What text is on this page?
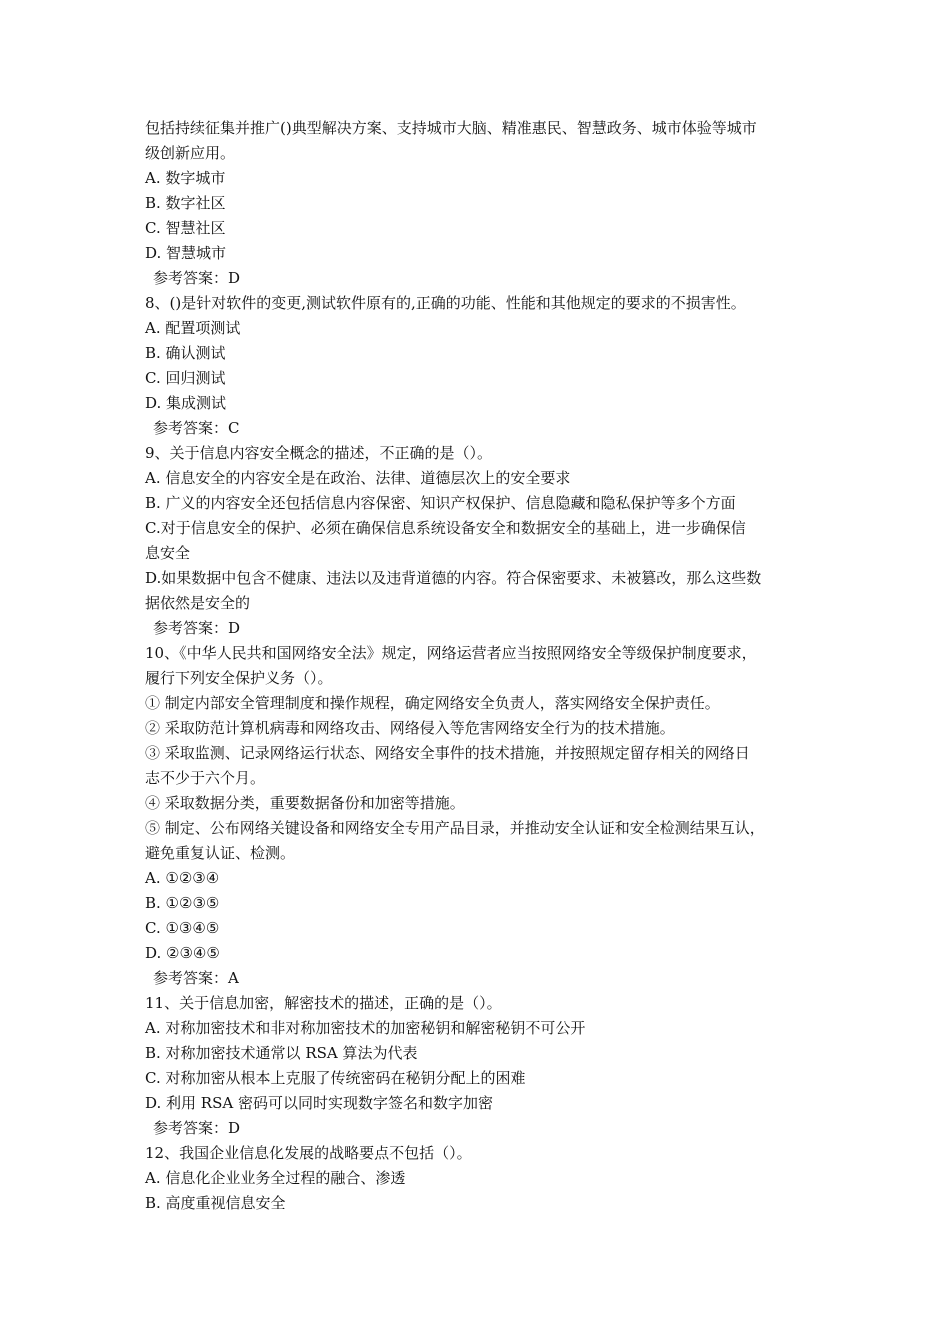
包括持续征集并推广()典型解决方案、支持城市大脑、精准惠民、智慧政务、城市体验等城市
级创新应用。
A. 数字城市
B. 数字社区
C. 智慧社区
D. 智慧城市
参考答案：D
8、()是针对软件的变更,测试软件原有的,正确的功能、性能和其他规定的要求的不损害性。
A. 配置项测试
B. 确认测试
C. 回归测试
D. 集成测试
参考答案：C
9、关于信息内容安全概念的描述，不正确的是（）。
A. 信息安全的内容安全是在政治、法律、道德层次上的安全要求
B. 广义的内容安全还包括信息内容保密、知识产权保护、信息隐藏和隐私保护等多个方面
C.对于信息安全的保护、必须在确保信息系统设备安全和数据安全的基础上，进一步确保信
息安全
D.如果数据中包含不健康、违法以及违背道德的内容。符合保密要求、未被篡改，那么这些数
据依然是安全的
参考答案：D
10、《中华人民共和国网络安全法》规定，网络运营者应当按照网络安全等级保护制度要求，
履行下列安全保护义务（）。
① 制定内部安全管理制度和操作规程，确定网络安全负责人，落实网络安全保护责任。
② 采取防范计算机病毒和网络攻击、网络侵入等危害网络安全行为的技术措施。
③ 采取监测、记录网络运行状态、网络安全事件的技术措施，并按照规定留存相关的网络日
志不少于六个月。
④ 采取数据分类，重要数据备份和加密等措施。
⑤ 制定、公布网络关键设备和网络安全专用产品目录，并推动安全认证和安全检测结果互认，
避免重复认证、检测。
A. ①②③④
B. ①②③⑤
C. ①③④⑤
D. ②③④⑤
参考答案：A
11、关于信息加密，解密技术的描述，正确的是（）。
A. 对称加密技术和非对称加密技术的加密秘钥和解密秘钥不可公开
B. 对称加密技术通常以 RSA 算法为代表
C. 对称加密从根本上克服了传统密码在秘钥分配上的困难
D. 利用 RSA 密码可以同时实现数字签名和数字加密
参考答案：D
12、我国企业信息化发展的战略要点不包括（）。
A. 信息化企业业务全过程的融合、渗透
B. 高度重视信息安全
